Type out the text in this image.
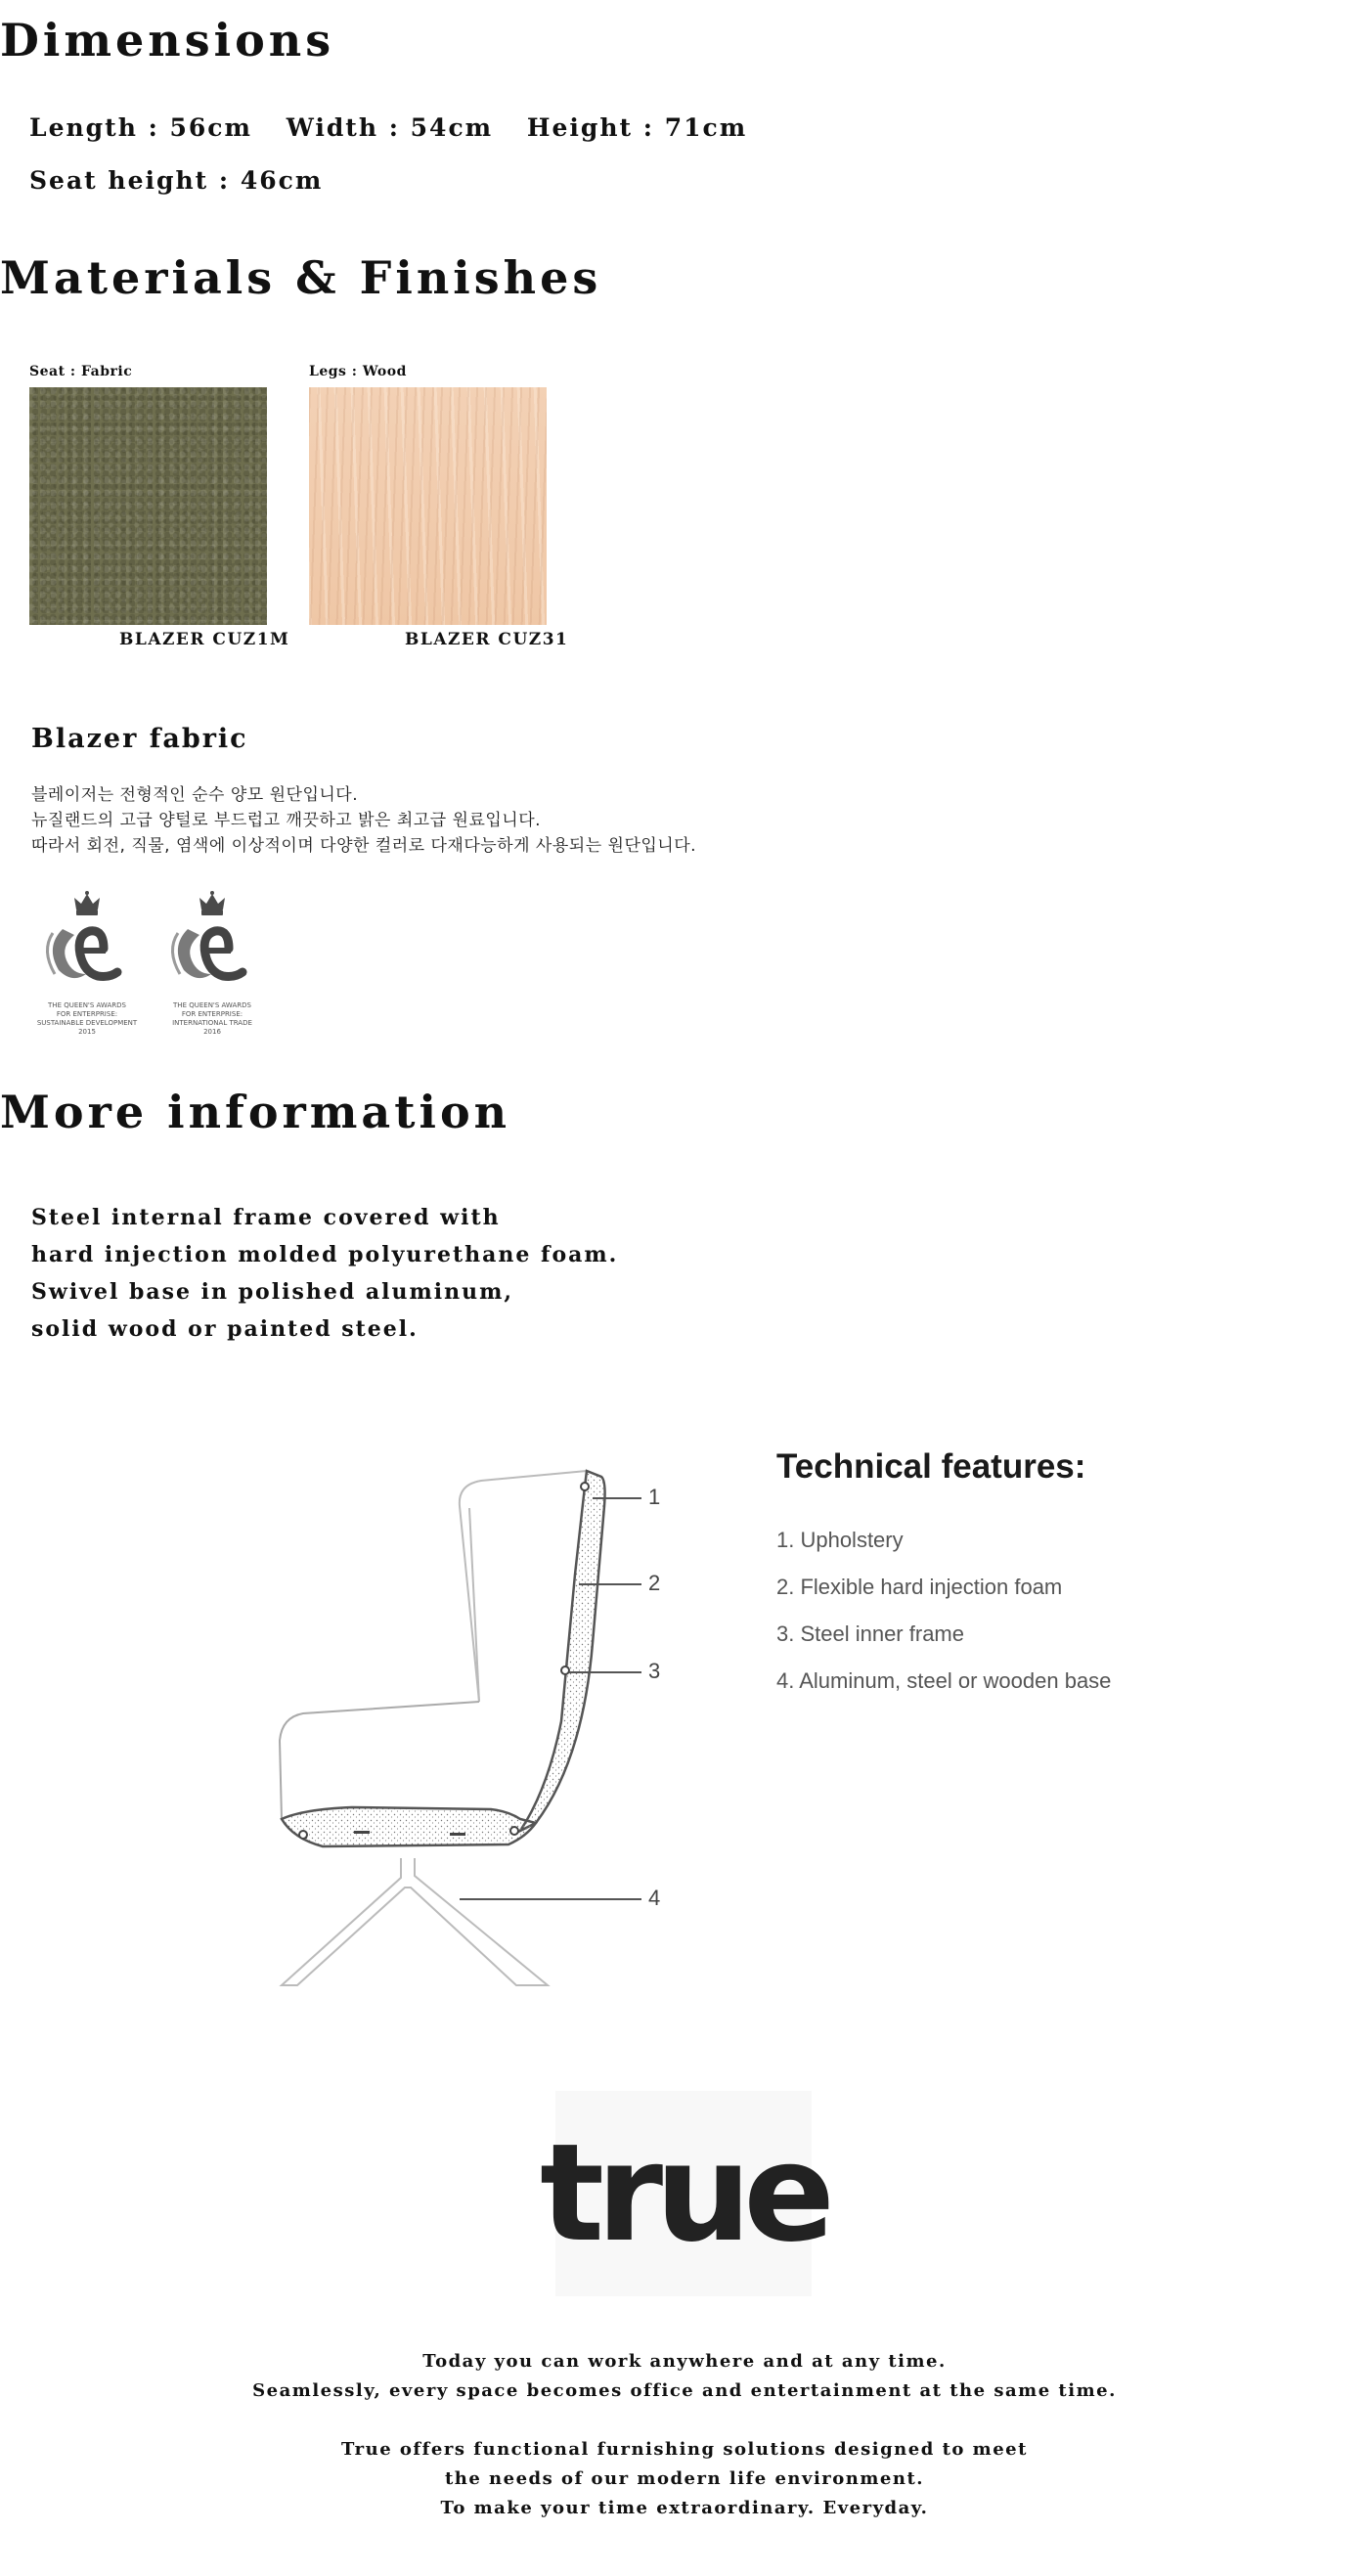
Dimensions
Length : 56cm Width : 54cm Height : 71cm
Seat height : 46cm
Materials & Finishes
Seat : Fabric
BLAZER CUZ1M
Legs : Wood
BLAZER CUZ31
Blazer fabric
블레이저는 전형적인 순수 양모 원단입니다.
뉴질랜드의 고급 양털로 부드럽고 깨끗하고 밝은 최고급 원료입니다.
따라서 회전, 직물, 염색에 이상적이며 다양한 컬러로 다재다능하게 사용되는 원단입니다.
THE QUEEN'S AWARDS
FOR ENTERPRISE:
SUSTAINABLE DEVELOPMENT
2015
THE QUEEN'S AWARDS
FOR ENTERPRISE:
INTERNATIONAL TRADE
2016
More information
Steel internal frame covered with
hard injection molded polyurethane foam.
Swivel base in polished aluminum,
solid wood or painted steel.
1
2
3
4
Technical features:
1. Upholstery
2. Flexible hard injection foam
3. Steel inner frame
4. Aluminum, steel or wooden base
true
Today you can work anywhere and at any time.
Seamlessly, every space becomes office and entertainment at the same time.
True offers functional furnishing solutions designed to meet
the needs of our modern life environment.
To make your time extraordinary. Everyday.
